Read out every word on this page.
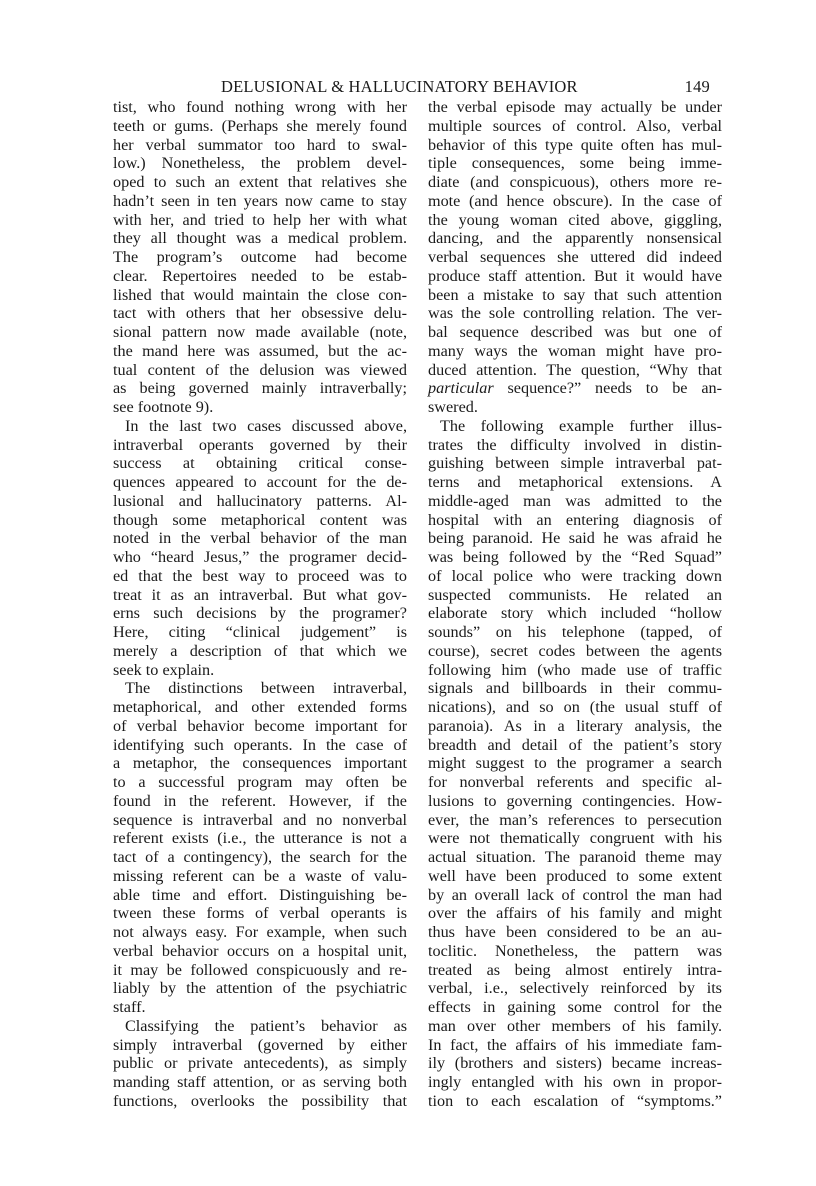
DELUSIONAL & HALLUCINATORY BEHAVIOR	149
tist, who found nothing wrong with her
teeth or gums. (Perhaps she merely found
her verbal summator too hard to swal-
low.) Nonetheless, the problem devel-
oped to such an extent that relatives she
hadn’t seen in ten years now came to stay
with her, and tried to help her with what
they all thought was a medical problem.
The program’s outcome had become
clear. Repertoires needed to be estab-
lished that would maintain the close con-
tact with others that her obsessive delu-
sional pattern now made available (note,
the mand here was assumed, but the ac-
tual content of the delusion was viewed
as being governed mainly intraverbally;
see footnote 9).
In the last two cases discussed above,
intraverbal operants governed by their
success at obtaining critical conse-
quences appeared to account for the de-
lusional and hallucinatory patterns. Al-
though some metaphorical content was
noted in the verbal behavior of the man
who “heard Jesus,” the programer decid-
ed that the best way to proceed was to
treat it as an intraverbal. But what gov-
erns such decisions by the programer?
Here, citing “clinical judgement” is
merely a description of that which we
seek to explain.
The distinctions between intraverbal,
metaphorical, and other extended forms
of verbal behavior become important for
identifying such operants. In the case of
a metaphor, the consequences important
to a successful program may often be
found in the referent. However, if the
sequence is intraverbal and no nonverbal
referent exists (i.e., the utterance is not a
tact of a contingency), the search for the
missing referent can be a waste of valu-
able time and effort. Distinguishing be-
tween these forms of verbal operants is
not always easy. For example, when such
verbal behavior occurs on a hospital unit,
it may be followed conspicuously and re-
liably by the attention of the psychiatric
staff.
Classifying the patient’s behavior as
simply intraverbal (governed by either
public or private antecedents), as simply
manding staff attention, or as serving both
functions, overlooks the possibility that
the verbal episode may actually be under
multiple sources of control. Also, verbal
behavior of this type quite often has mul-
tiple consequences, some being imme-
diate (and conspicuous), others more re-
mote (and hence obscure). In the case of
the young woman cited above, giggling,
dancing, and the apparently nonsensical
verbal sequences she uttered did indeed
produce staff attention. But it would have
been a mistake to say that such attention
was the sole controlling relation. The ver-
bal sequence described was but one of
many ways the woman might have pro-
duced attention. The question, “Why that
particular sequence?” needs to be an-
swered.
The following example further illus-
trates the difficulty involved in distin-
guishing between simple intraverbal pat-
terns and metaphorical extensions. A
middle-aged man was admitted to the
hospital with an entering diagnosis of
being paranoid. He said he was afraid he
was being followed by the “Red Squad”
of local police who were tracking down
suspected communists. He related an
elaborate story which included “hollow
sounds” on his telephone (tapped, of
course), secret codes between the agents
following him (who made use of traffic
signals and billboards in their commu-
nications), and so on (the usual stuff of
paranoia). As in a literary analysis, the
breadth and detail of the patient’s story
might suggest to the programer a search
for nonverbal referents and specific al-
lusions to governing contingencies. How-
ever, the man’s references to persecution
were not thematically congruent with his
actual situation. The paranoid theme may
well have been produced to some extent
by an overall lack of control the man had
over the affairs of his family and might
thus have been considered to be an au-
toclitic. Nonetheless, the pattern was
treated as being almost entirely intra-
verbal, i.e., selectively reinforced by its
effects in gaining some control for the
man over other members of his family.
In fact, the affairs of his immediate fam-
ily (brothers and sisters) became increas-
ingly entangled with his own in propor-
tion to each escalation of “symptoms.”
